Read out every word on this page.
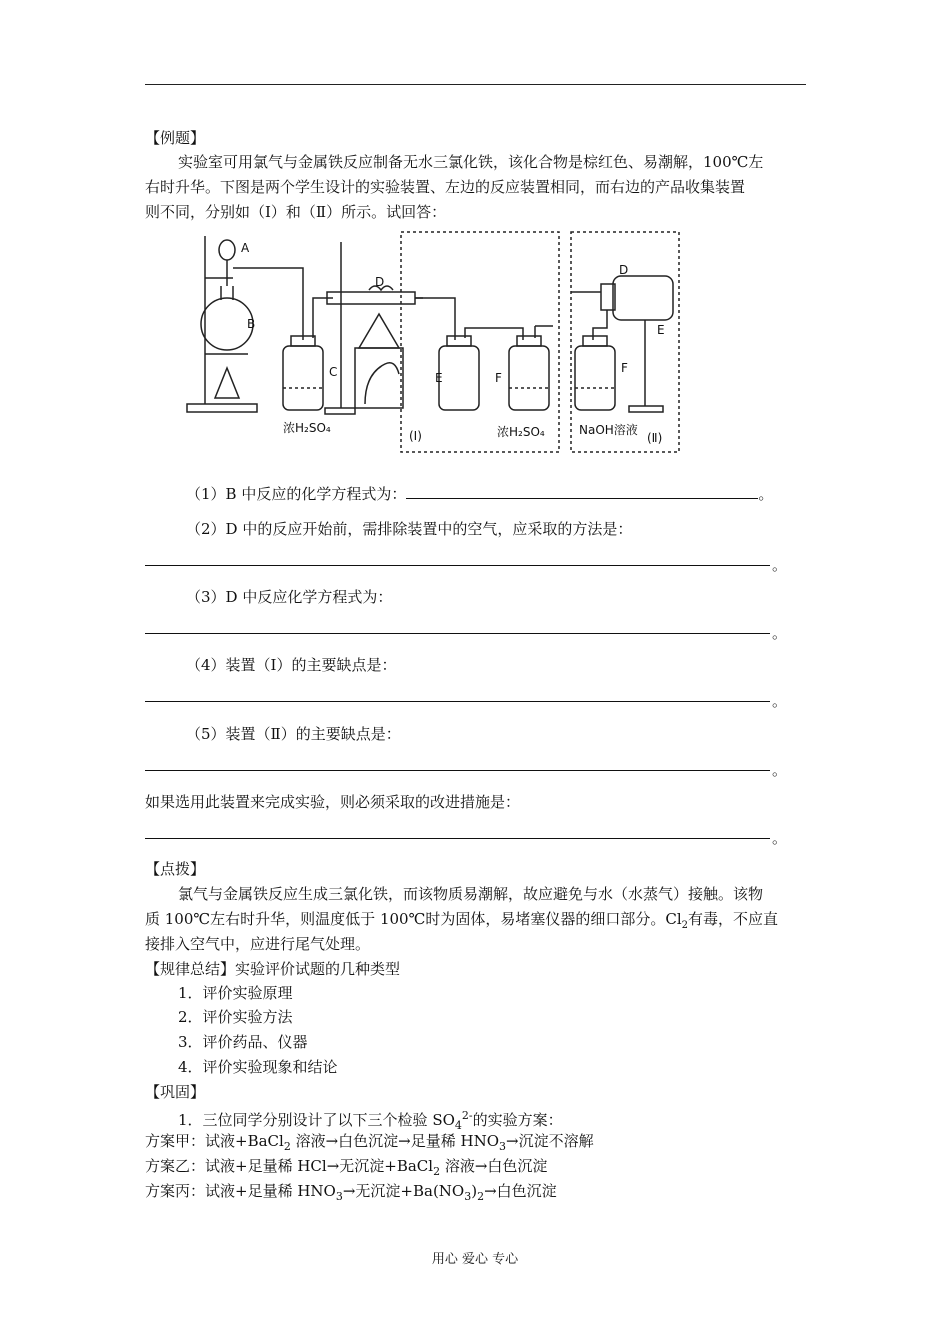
【例题】
实验室可用氯气与金属铁反应制备无水三氯化铁，该化合物是棕红色、易潮解，100℃左
右时升华。下图是两个学生设计的实验装置、左边的反应装置相同，而右边的产品收集装置
则不同，分别如（Ⅰ）和（Ⅱ）所示。试回答：
A
B
C
D
E	F
D
E
F
(Ⅰ)	(Ⅱ)
浓H₂SO₄	浓H₂SO₄	NaOH溶液
（1）B 中反应的化学方程式为：	。
（2）D 中的反应开始前，需排除装置中的空气，应采取的方法是：
。
（3）D 中反应化学方程式为：
。
（4）装置（Ⅰ）的主要缺点是：
。
（5）装置（Ⅱ）的主要缺点是：
。
如果选用此装置来完成实验，则必须采取的改进措施是：
。
【点拨】
氯气与金属铁反应生成三氯化铁，而该物质易潮解，故应避免与水（水蒸气）接触。该物
质 100℃左右时升华，则温度低于 100℃时为固体，易堵塞仪器的细口部分。$Cl_2$有毒，不应直
接排入空气中，应进行尾气处理。
【规律总结】实验评价试题的几种类型
1．评价实验原理
2．评价实验方法
3．评价药品、仪器
4．评价实验现象和结论
【巩固】
1．三位同学分别设计了以下三个检验 $SO_4^{2-}$的实验方案：
方案甲：试液+BaCl$_2$ 溶液→白色沉淀→足量稀 $HNO_3\to$沉淀不溶解
方案乙：试液+足量稀 HCl→无沉淀+BaCl$_2$ 溶液→白色沉淀
方案丙：试液+足量稀 $HNO_3\to$无沉淀$+Ba(NO_3)_2\to$白色沉淀
用心 爱心 专心
